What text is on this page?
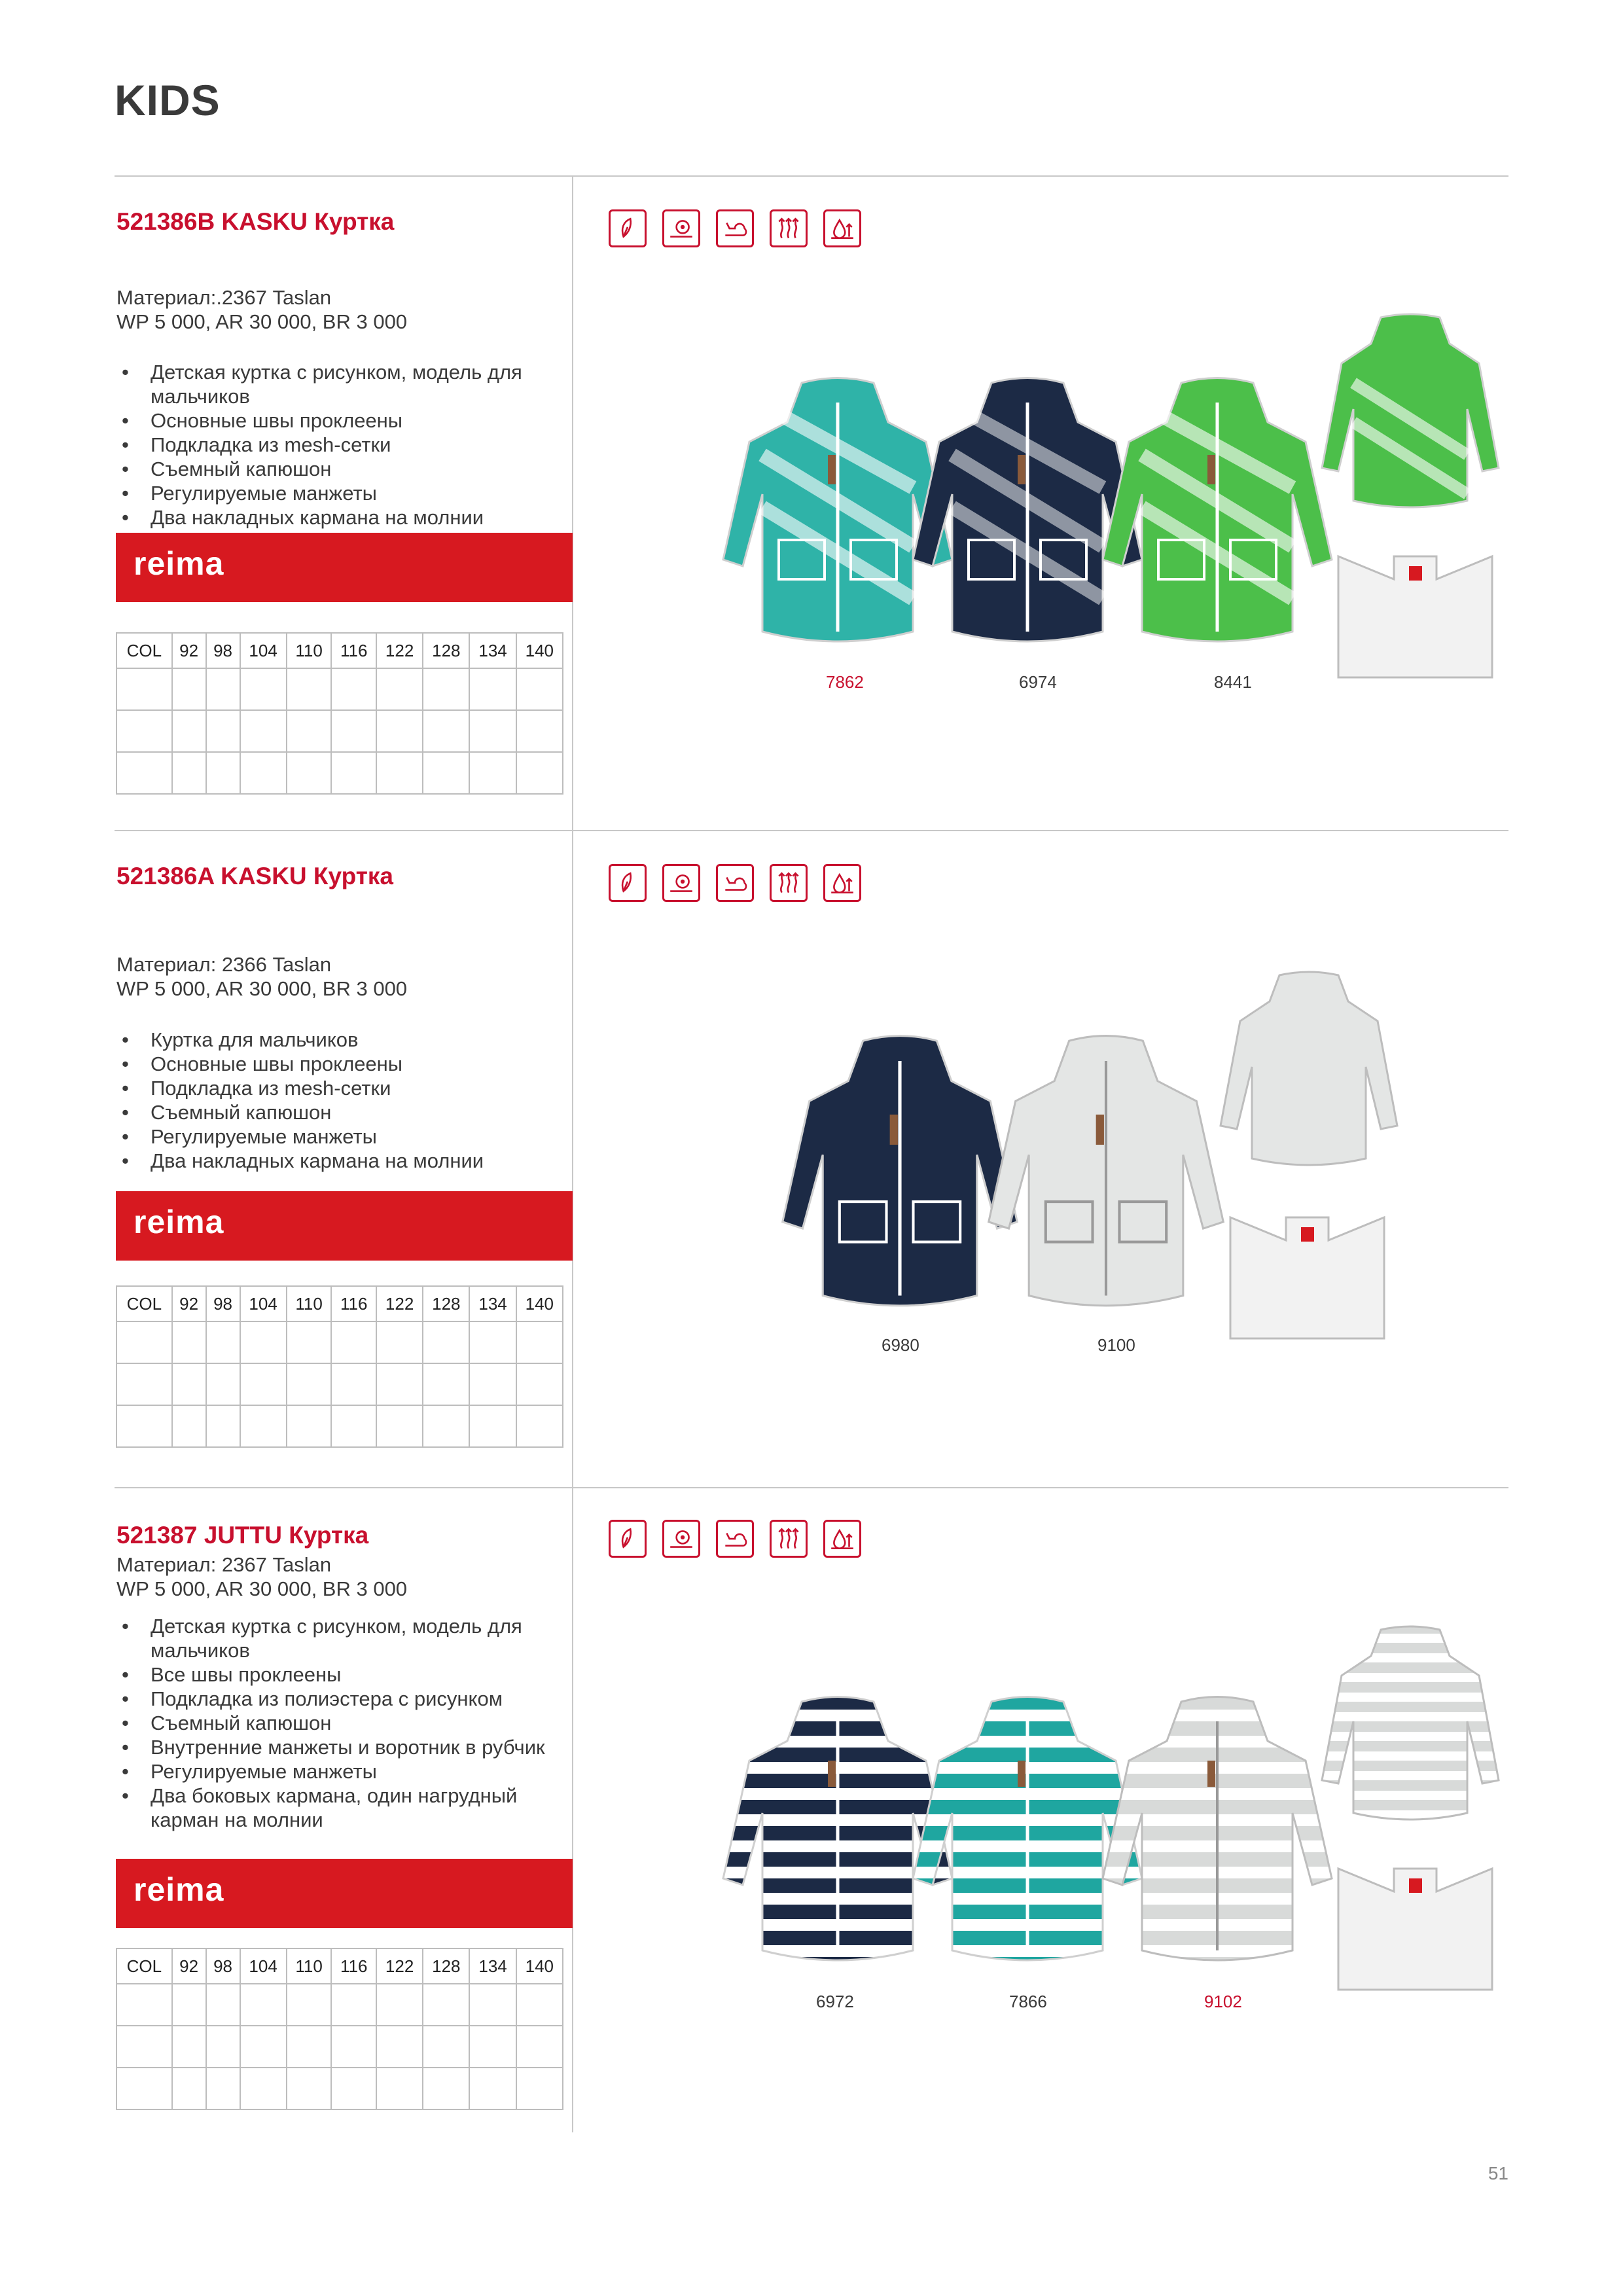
KIDS
521386B KASKU Куртка
Материал:.2367 Taslan
WP 5 000, AR 30 000, BR 3 000
• Детская куртка с рисунком, модель для мальчиков
• Основные швы проклеены
• Подкладка из mesh-сетки
• Съемный капюшон
• Регулируемые манжеты
• Два накладных кармана на молнии
reima
COL	92	98	104	110	116	122	128	134	140

7862	6974	8441
521386A KASKU Куртка
Материал: 2366 Taslan
WP 5 000, AR 30 000, BR 3 000
• Куртка для мальчиков
• Основные швы проклеены
• Подкладка из mesh-сетки
• Съемный капюшон
• Регулируемые манжеты
• Два накладных кармана на молнии
reima
COL	92	98	104	110	116	122	128	134	140

6980	9100
521387 JUTTU Куртка
Материал: 2367 Taslan
WP 5 000, AR 30 000, BR 3 000
• Детская куртка с рисунком, модель для мальчиков
• Все швы проклеены
• Подкладка из полиэстера с рисунком
• Съемный капюшон
• Внутренние манжеты и воротник в рубчик
• Регулируемые манжеты
• Два боковых кармана, один нагрудный карман на молнии
reima
COL	92	98	104	110	116	122	128	134	140

6972	7866	9102
51
